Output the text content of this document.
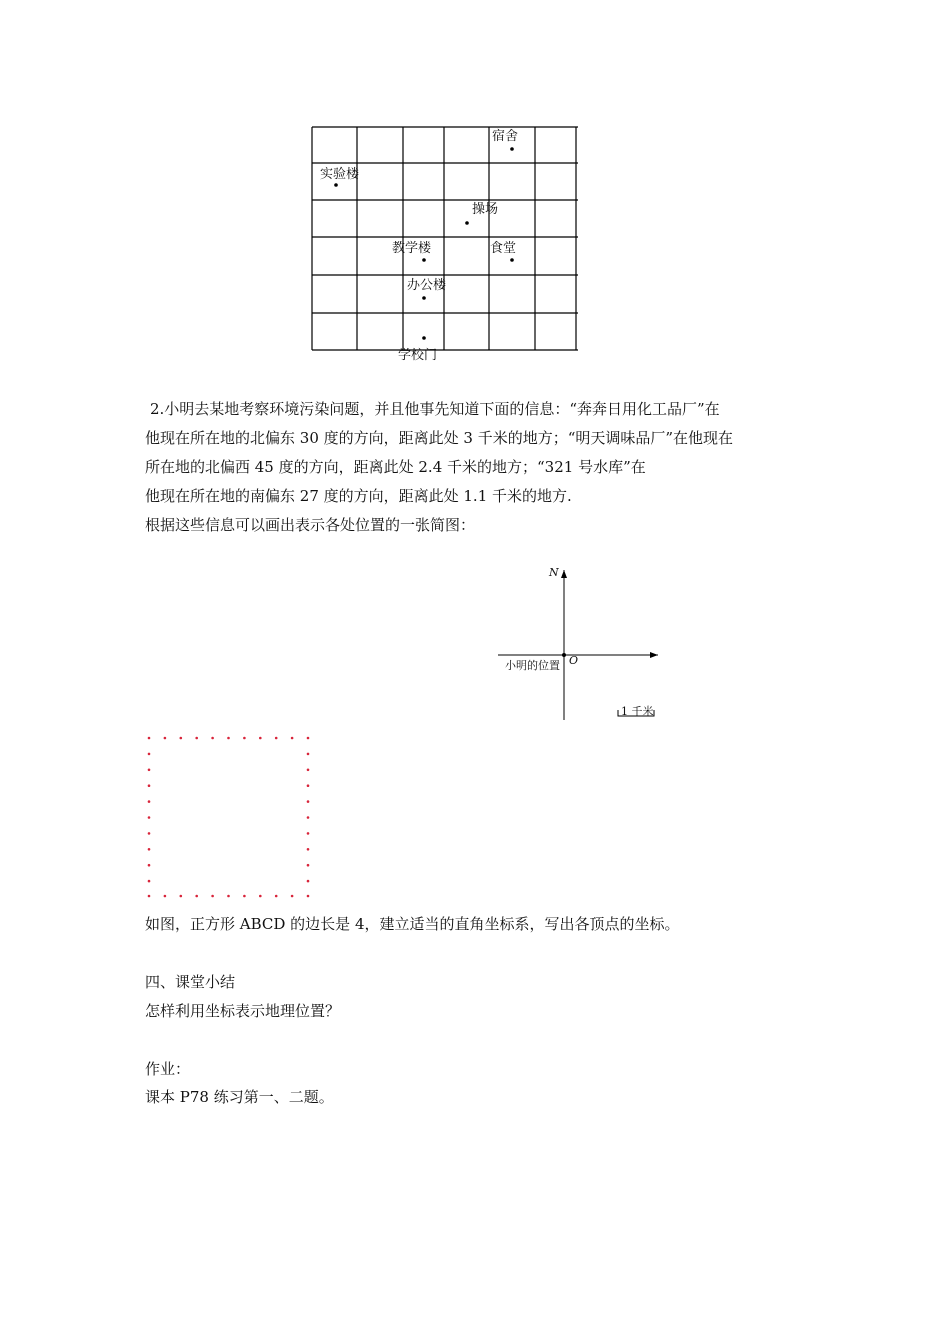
宿舍
实验楼
操场
教学楼	食堂
办公楼
学校门
2.小明去某地考察环境污染问题，并且他事先知道下面的信息：“奔奔日用化工品厂”在
他现在所在地的北偏东 30 度的方向，距离此处 3 千米的地方；“明天调味品厂”在他现在
所在地的北偏西 45 度的方向，距离此处 2.4 千米的地方；“321 号水库”在
他现在所在地的南偏东 27 度的方向，距离此处 1.1 千米的地方.
根据这些信息可以画出表示各处位置的一张简图：
N
O
小明的位置
1 千米
如图，正方形 ABCD 的边长是 4，建立适当的直角坐标系，写出各顶点的坐标。
四、课堂小结
怎样利用坐标表示地理位置？
作业：
课本 P78 练习第一、二题。
